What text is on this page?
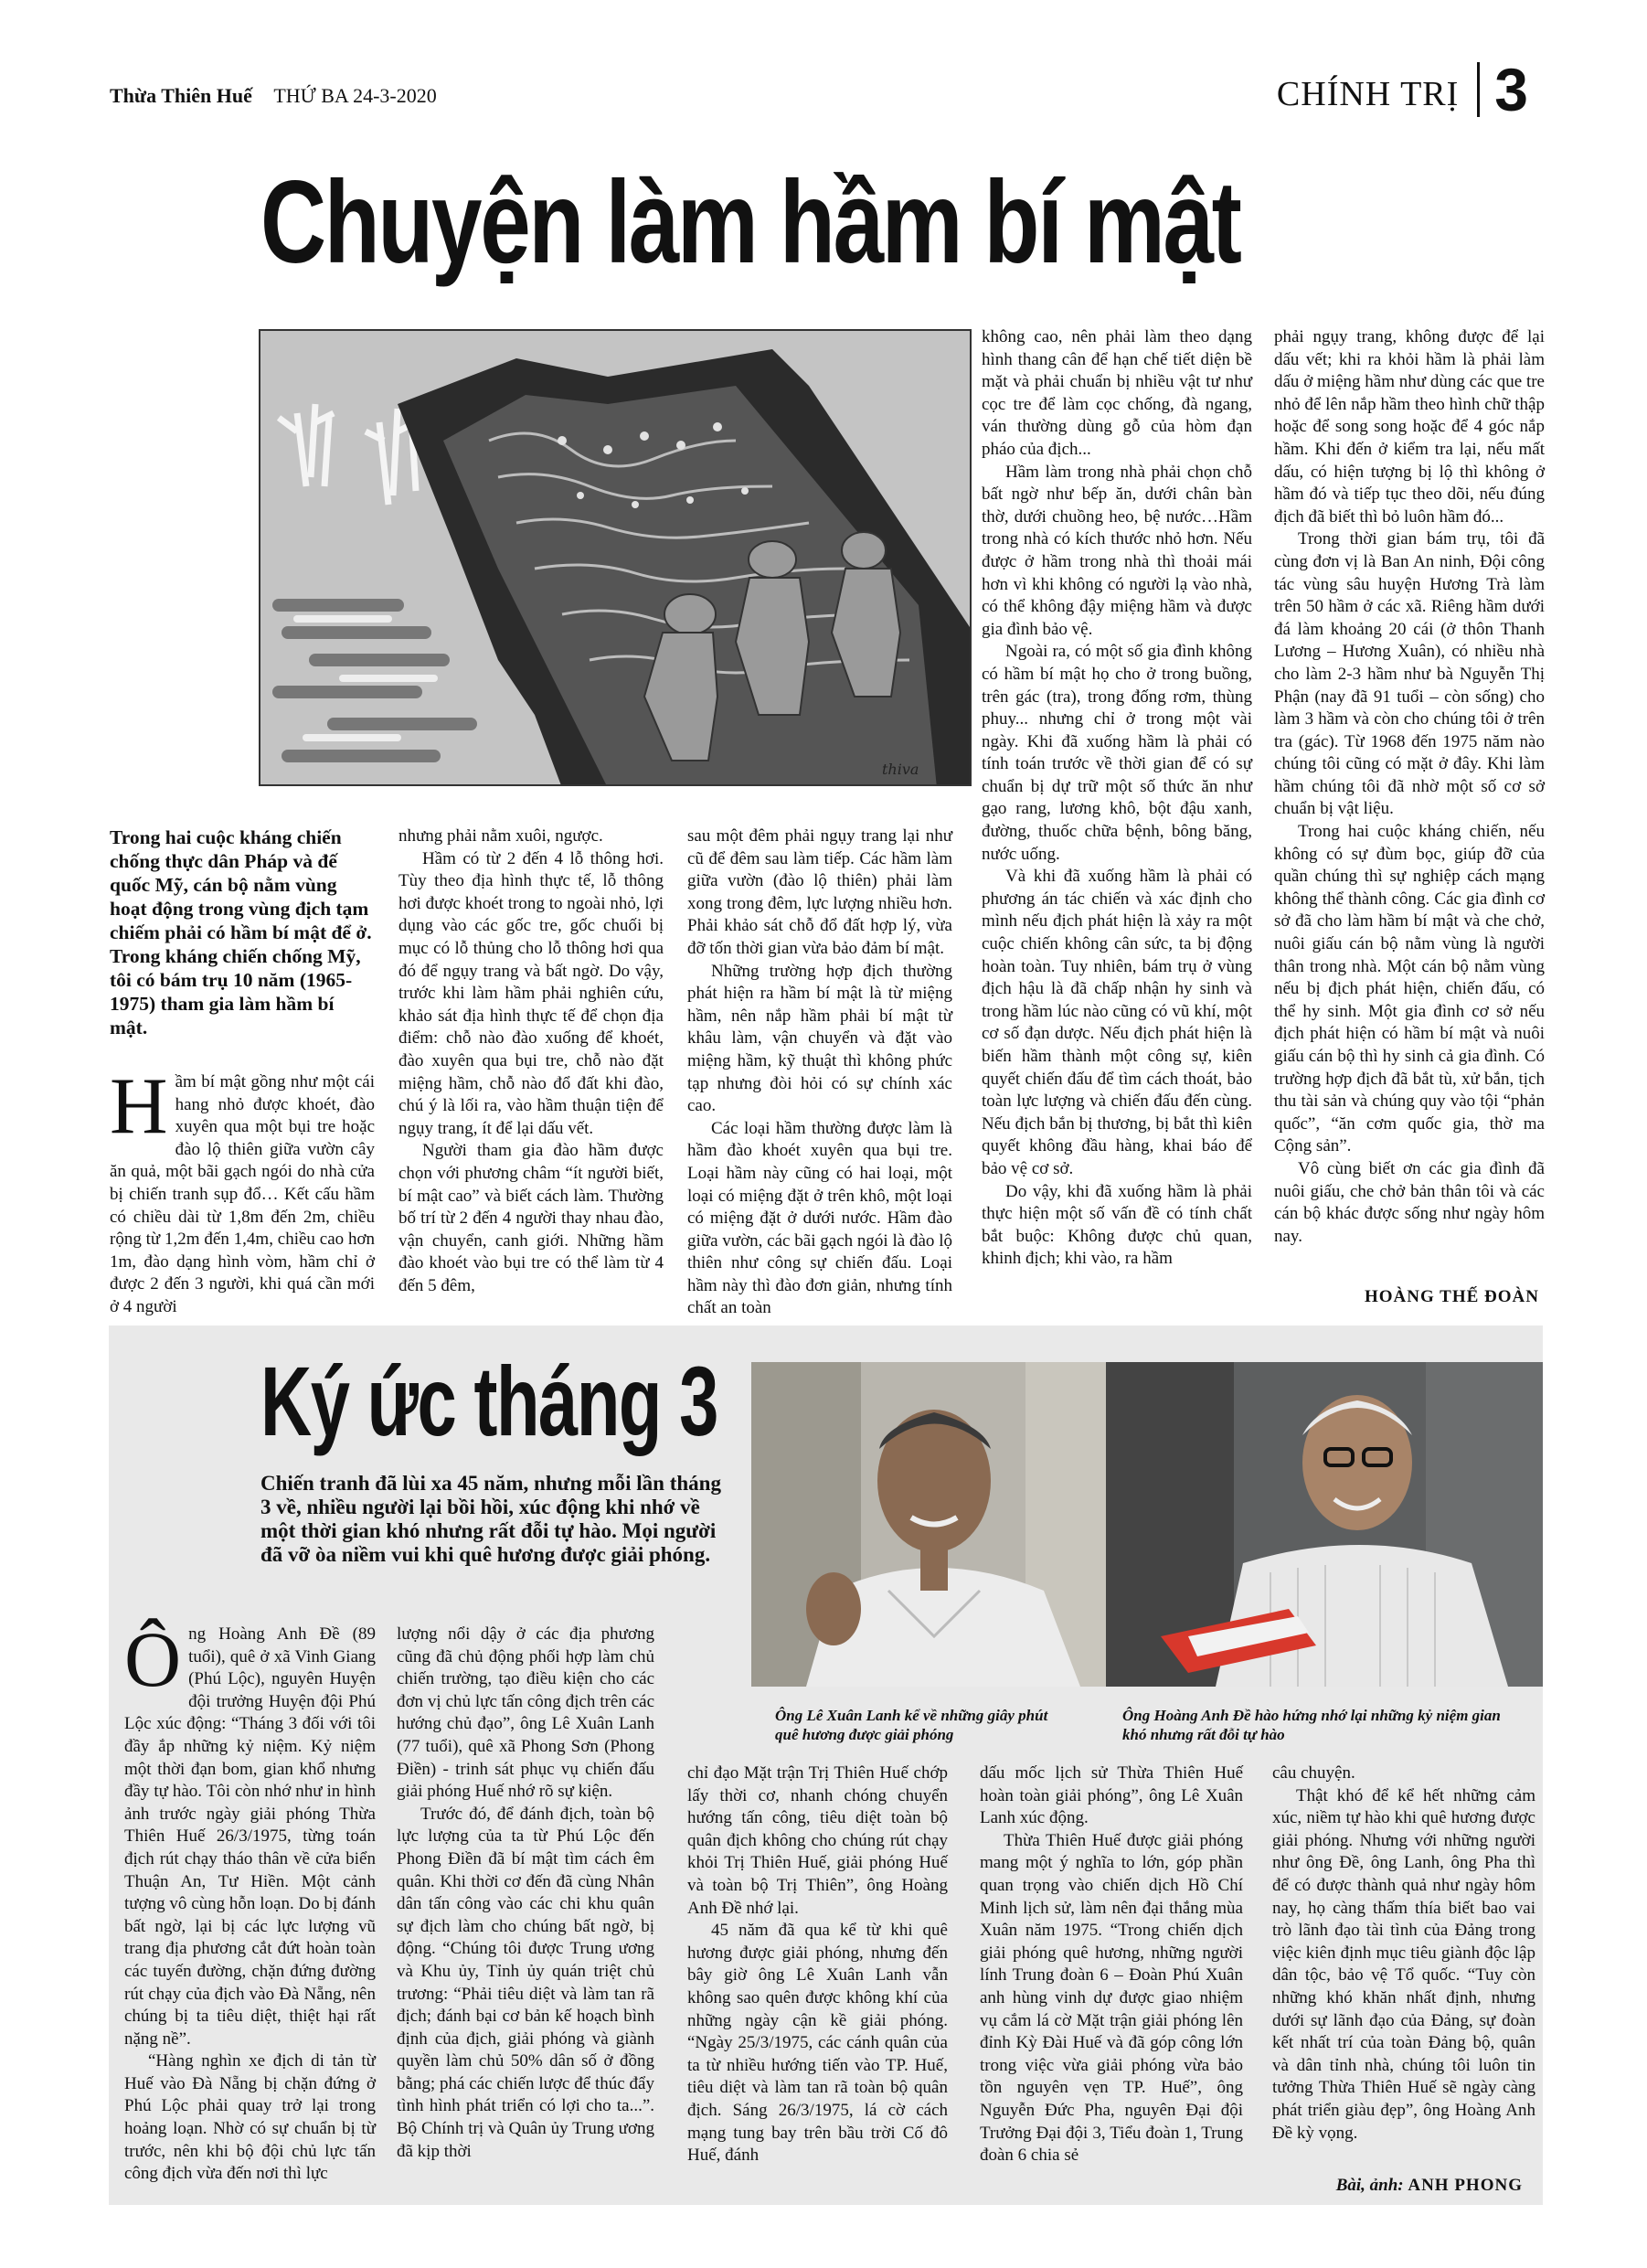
Thừa Thiên Huế THỨ BA 24-3-2020	CHÍNH TRỊ 3
Chuyện làm hầm bí mật
thiva

Trong hai cuộc kháng chiến chống thực dân Pháp và đế quốc Mỹ, cán bộ nằm vùng hoạt động trong vùng địch tạm chiếm phải có hầm bí mật để ở. Trong kháng chiến chống Mỹ, tôi có bám trụ 10 năm (1965-1975) tham gia làm hầm bí mật.

Hầm bí mật gồng như một cái hang nhỏ được khoét, đào xuyên qua một bụi tre hoặc đào lộ thiên giữa vườn cây ăn quả, một bãi gạch ngói do nhà cửa bị chiến tranh sụp đổ… Kết cấu hầm có chiều dài từ 1,8m đến 2m, chiều rộng từ 1,2m đến 1,4m, chiều cao hơn 1m, đào dạng hình vòm, hầm chỉ ở được 2 đến 3 người, khi quá cần mới ở 4 người

nhưng phải nằm xuôi, ngược.

Hầm có từ 2 đến 4 lỗ thông hơi. Tùy theo địa hình thực tế, lỗ thông hơi được khoét trong to ngoài nhỏ, lợi dụng vào các gốc tre, gốc chuối bị mục có lỗ thủng cho lỗ thông hơi qua đó để ngụy trang và bất ngờ. Do vậy, trước khi làm hầm phải nghiên cứu, khảo sát địa hình thực tế để chọn địa điểm: chỗ nào đào xuống để khoét, đào xuyên qua bụi tre, chỗ nào đặt miệng hầm, chỗ nào đổ đất khi đào, chú ý là lối ra, vào hầm thuận tiện để ngụy trang, ít để lại dấu vết.

Người tham gia đào hầm được chọn với phương châm “ít người biết, bí mật cao” và biết cách làm. Thường bố trí từ 2 đến 4 người thay nhau đào, vận chuyển, canh giới. Những hầm đào khoét vào bụi tre có thể làm từ 4 đến 5 đêm,

sau một đêm phải ngụy trang lại như cũ để đêm sau làm tiếp. Các hầm làm giữa vườn (đào lộ thiên) phải làm xong trong đêm, lực lượng nhiều hơn. Phải khảo sát chỗ đổ đất hợp lý, vừa đỡ tốn thời gian vừa bảo đảm bí mật.

Những trường hợp địch thường phát hiện ra hầm bí mật là từ miệng hầm, nên nắp hầm phải bí mật từ khâu làm, vận chuyển và đặt vào miệng hầm, kỹ thuật thì không phức tạp nhưng đòi hỏi có sự chính xác cao.

Các loại hầm thường được làm là hầm đào khoét xuyên qua bụi tre. Loại hầm này cũng có hai loại, một loại có miệng đặt ở trên khô, một loại có miệng đặt ở dưới nước. Hầm đào giữa vườn, các bãi gạch ngói là đào lộ thiên như công sự chiến đấu. Loại hầm này thì đào đơn giản, nhưng tính chất an toàn

không cao, nên phải làm theo dạng hình thang cân để hạn chế tiết diện bề mặt và phải chuẩn bị nhiều vật tư như cọc tre để làm cọc chống, đà ngang, ván thường dùng gỗ của hòm đạn pháo của địch...

Hầm làm trong nhà phải chọn chỗ bất ngờ như bếp ăn, dưới chân bàn thờ, dưới chuồng heo, bệ nước…Hầm trong nhà có kích thước nhỏ hơn. Nếu được ở hầm trong nhà thì thoải mái hơn vì khi không có người lạ vào nhà, có thể không đậy miệng hầm và được gia đình bảo vệ.

Ngoài ra, có một số gia đình không có hầm bí mật họ cho ở trong buồng, trên gác (tra), trong đống rơm, thùng phuy... nhưng chỉ ở trong một vài ngày. Khi đã xuống hầm là phải có tính toán trước về thời gian để có sự chuẩn bị dự trữ một số thức ăn như gạo rang, lương khô, bột đậu xanh, đường, thuốc chữa bệnh, bông băng, nước uống.

Và khi đã xuống hầm là phải có phương án tác chiến và xác định cho mình nếu địch phát hiện là xảy ra một cuộc chiến không cân sức, ta bị động hoàn toàn. Tuy nhiên, bám trụ ở vùng địch hậu là đã chấp nhận hy sinh và trong hầm lúc nào cũng có vũ khí, một cơ số đạn dược. Nếu địch phát hiện là biến hầm thành một công sự, kiên quyết chiến đấu để tìm cách thoát, bảo toàn lực lượng và chiến đấu đến cùng. Nếu địch bắn bị thương, bị bắt thì kiên quyết không đầu hàng, khai báo để bảo vệ cơ sở.

Do vậy, khi đã xuống hầm là phải thực hiện một số vấn đề có tính chất bắt buộc: Không được chủ quan, khinh địch; khi vào, ra hầm

phải ngụy trang, không được để lại dấu vết; khi ra khỏi hầm là phải làm dấu ở miệng hầm như dùng các que tre nhỏ để lên nắp hầm theo hình chữ thập hoặc để song song hoặc để 4 góc nắp hầm. Khi đến ở kiểm tra lại, nếu mất dấu, có hiện tượng bị lộ thì không ở hầm đó và tiếp tục theo dõi, nếu đúng địch đã biết thì bỏ luôn hầm đó...

Trong thời gian bám trụ, tôi đã cùng đơn vị là Ban An ninh, Đội công tác vùng sâu huyện Hương Trà làm trên 50 hầm ở các xã. Riêng hầm dưới đá làm khoảng 20 cái (ở thôn Thanh Lương – Hương Xuân), có nhiều nhà cho làm 2-3 hầm như bà Nguyễn Thị Phận (nay đã 91 tuổi – còn sống) cho làm 3 hầm và còn cho chúng tôi ở trên tra (gác). Từ 1968 đến 1975 năm nào chúng tôi cũng có mặt ở đây. Khi làm hầm chúng tôi đã nhờ một số cơ sở chuẩn bị vật liệu.

Trong hai cuộc kháng chiến, nếu không có sự đùm bọc, giúp đỡ của quần chúng thì sự nghiệp cách mạng không thể thành công. Các gia đình cơ sở đã cho làm hầm bí mật và che chở, nuôi giấu cán bộ nằm vùng là người thân trong nhà. Một cán bộ nằm vùng nếu bị địch phát hiện, chiến đấu, có thể hy sinh. Một gia đình cơ sở nếu địch phát hiện có hầm bí mật và nuôi giấu cán bộ thì hy sinh cả gia đình. Có trường hợp địch đã bắt tù, xử bắn, tịch thu tài sản và chúng quy vào tội “phản quốc”, “ăn cơm quốc gia, thờ ma Cộng sản”.

Vô cùng biết ơn các gia đình đã nuôi giấu, che chở bản thân tôi và các cán bộ khác được sống như ngày hôm nay.

HOÀNG THẾ ĐOÀN
Ký ức tháng 3

Chiến tranh đã lùi xa 45 năm, nhưng mỗi lần tháng 3 về, nhiều người lại bồi hồi, xúc động khi nhớ về một thời gian khó nhưng rất đỗi tự hào. Mọi người đã vỡ òa niềm vui khi quê hương được giải phóng.

Ông Lê Xuân Lanh kể về những giây phút quê hương được giải phóng

Ông Hoàng Anh Đề hào hứng nhớ lại những kỷ niệm gian khó nhưng rất đỗi tự hào

Ông Hoàng Anh Đề (89 tuổi), quê ở xã Vinh Giang (Phú Lộc), nguyên Huyện đội trưởng Huyện đội Phú Lộc xúc động: “Tháng 3 đối với tôi đầy ắp những kỷ niệm. Kỷ niệm một thời đạn bom, gian khổ nhưng đầy tự hào. Tôi còn nhớ như in hình ảnh trước ngày giải phóng Thừa Thiên Huế 26/3/1975, từng toán địch rút chạy tháo thân về cửa biển Thuận An, Tư Hiền. Một cảnh tượng vô cùng hỗn loạn. Do bị đánh bất ngờ, lại bị các lực lượng vũ trang địa phương cắt đứt hoàn toàn các tuyến đường, chặn đứng đường rút chạy của địch vào Đà Nẵng, nên chúng bị ta tiêu diệt, thiệt hại rất nặng nề”.

“Hàng nghìn xe địch di tản từ Huế vào Đà Nẵng bị chặn đứng ở Phú Lộc phải quay trở lại trong hoảng loạn. Nhờ có sự chuẩn bị từ trước, nên khi bộ đội chủ lực tấn công địch vừa đến nơi thì lực

lượng nổi dậy ở các địa phương cũng đã chủ động phối hợp làm chủ chiến trường, tạo điều kiện cho các đơn vị chủ lực tấn công địch trên các hướng chủ đạo”, ông Lê Xuân Lanh (77 tuổi), quê xã Phong Sơn (Phong Điền) - trinh sát phục vụ chiến đấu giải phóng Huế nhớ rõ sự kiện.

Trước đó, để đánh địch, toàn bộ lực lượng của ta từ Phú Lộc đến Phong Điền đã bí mật tìm cách êm quân. Khi thời cơ đến đã cùng Nhân dân tấn công vào các chi khu quân sự địch làm cho chúng bất ngờ, bị động. “Chúng tôi được Trung ương và Khu ủy, Tỉnh ủy quán triệt chủ trương: “Phải tiêu diệt và làm tan rã địch; đánh bại cơ bản kế hoạch bình định của địch, giải phóng và giành quyền làm chủ 50% dân số ở đồng bằng; phá các chiến lược để thúc đẩy tình hình phát triển có lợi cho ta...”. Bộ Chính trị và Quân ủy Trung ương đã kịp thời

chỉ đạo Mặt trận Trị Thiên Huế chớp lấy thời cơ, nhanh chóng chuyển hướng tấn công, tiêu diệt toàn bộ quân địch không cho chúng rút chạy khỏi Trị Thiên Huế, giải phóng Huế và toàn bộ Trị Thiên”, ông Hoàng Anh Đề nhớ lại.

45 năm đã qua kể từ khi quê hương được giải phóng, nhưng đến bây giờ ông Lê Xuân Lanh vẫn không sao quên được không khí của những ngày cận kề giải phóng. “Ngày 25/3/1975, các cánh quân của ta từ nhiều hướng tiến vào TP. Huế, tiêu diệt và làm tan rã toàn bộ quân địch. Sáng 26/3/1975, lá cờ cách mạng tung bay trên bầu trời Cố đô Huế, đánh

dấu mốc lịch sử Thừa Thiên Huế hoàn toàn giải phóng”, ông Lê Xuân Lanh xúc động.

Thừa Thiên Huế được giải phóng mang một ý nghĩa to lớn, góp phần quan trọng vào chiến dịch Hồ Chí Minh lịch sử, làm nên đại thắng mùa Xuân năm 1975. “Trong chiến dịch giải phóng quê hương, những người lính Trung đoàn 6 – Đoàn Phú Xuân anh hùng vinh dự được giao nhiệm vụ cắm lá cờ Mặt trận giải phóng lên đỉnh Kỳ Đài Huế và đã góp công lớn trong việc vừa giải phóng vừa bảo tồn nguyên vẹn TP. Huế”, ông Nguyễn Đức Pha, nguyên Đại đội Trưởng Đại đội 3, Tiểu đoàn 1, Trung đoàn 6 chia sẻ

câu chuyện.

Thật khó để kể hết những cảm xúc, niềm tự hào khi quê hương được giải phóng. Nhưng với những người như ông Đề, ông Lanh, ông Pha thì để có được thành quả như ngày hôm nay, họ càng thấm thía biết bao vai trò lãnh đạo tài tình của Đảng trong việc kiên định mục tiêu giành độc lập dân tộc, bảo vệ Tổ quốc. “Tuy còn những khó khăn nhất định, nhưng dưới sự lãnh đạo của Đảng, sự đoàn kết nhất trí của toàn Đảng bộ, quân và dân tỉnh nhà, chúng tôi luôn tin tưởng Thừa Thiên Huế sẽ ngày càng phát triển giàu đẹp”, ông Hoàng Anh Đề kỳ vọng.

Bài, ảnh: ANH PHONG
